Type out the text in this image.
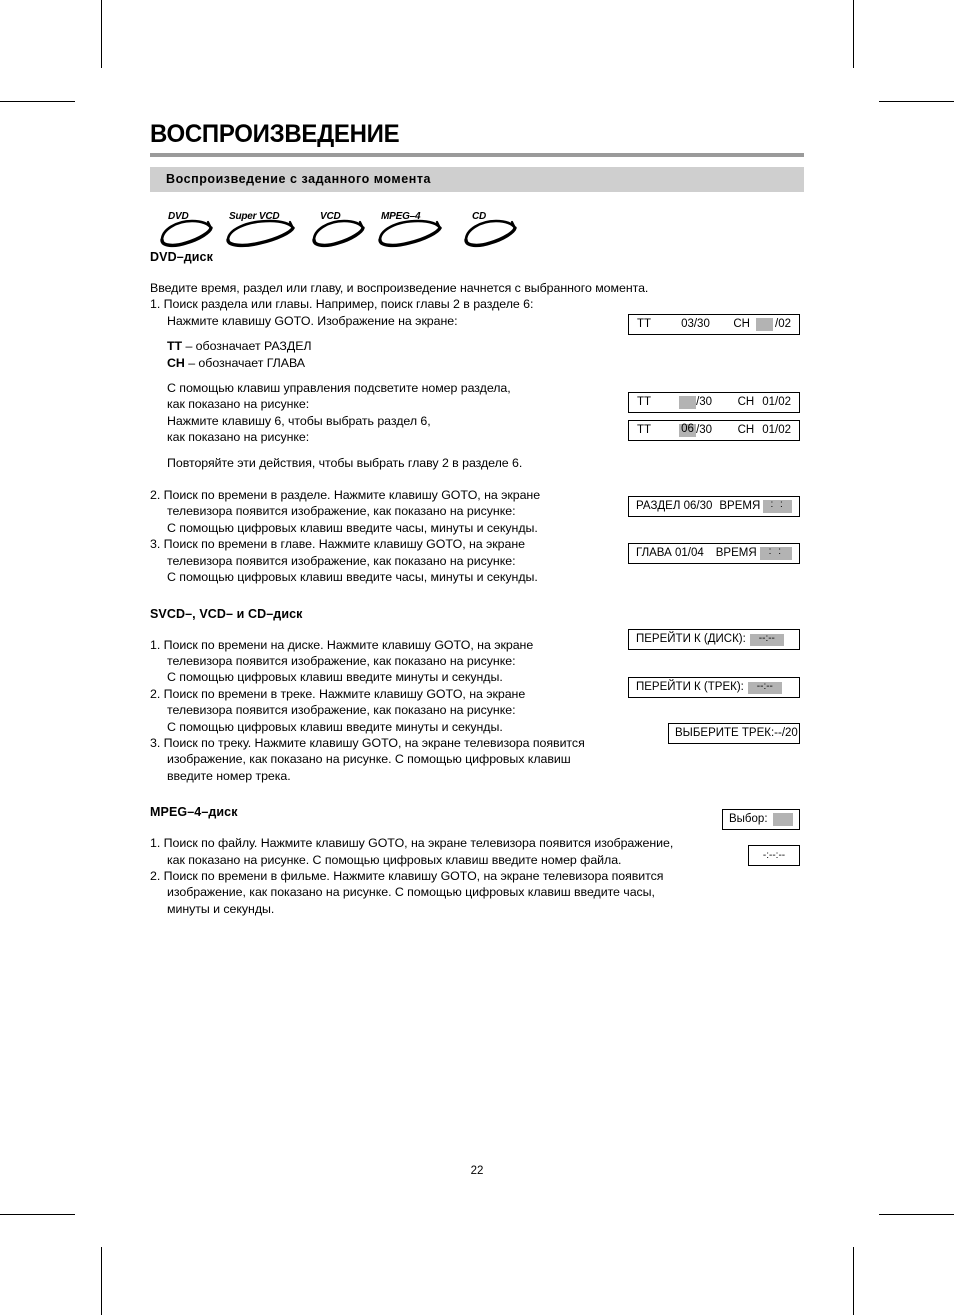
ВОСПРОИЗВЕДЕНИЕ
Воспроизведение с заданного момента
DVD	Super VCD	VCD	MPEG–4	CD
DVD–диск
Введите время, раздел или главу, и воспроизведение начнется с выбранного момента.
1. Поиск раздела или главы. Например, поиск главы 2 в разделе 6:
Нажмите клавишу GOTO. Изображение на экране:
TT – обозначает РАЗДЕЛ
CH – обозначает ГЛАВА
С помощью клавиш управления подсветите номер раздела,
как показано на рисунке:
Нажмите клавишу 6, чтобы выбрать раздел 6,
как показано на рисунке:
Повторяйте эти действия, чтобы выбрать главу 2 в разделе 6.
2. Поиск по времени в разделе. Нажмите клавишу GOTO, на экране
телевизора появится изображение, как показано на рисунке:
С помощью цифровых клавиш введите часы, минуты и секунды.
3. Поиск по времени в главе. Нажмите клавишу GOTO, на экране
телевизора появится изображение, как показано на рисунке:
С помощью цифровых клавиш введите часы, минуты и секунды.
SVCD–, VCD– и CD–диск
1. Поиск по времени на диске. Нажмите клавишу GOTO, на экране
телевизора появится изображение, как показано на рисунке:
С помощью цифровых клавиш введите минуты и секунды.
2. Поиск по времени в треке. Нажмите клавишу GOTO, на экране
телевизора появится изображение, как показано на рисунке:
С помощью цифровых клавиш введите минуты и секунды.
3. Поиск по треку. Нажмите клавишу GOTO, на экране телевизора появится
изображение, как показано на рисунке. С помощью цифровых клавиш
введите номер трека.
MPEG–4–диск
1. Поиск по файлу. Нажмите клавишу GOTO, на экране телевизора появится изображение,
как показано на рисунке. С помощью цифровых клавиш введите номер файла.
2. Поиск по времени в фильме. Нажмите клавишу GOTO, на экране телевизора появится
изображение, как показано на рисунке. С помощью цифровых клавиш введите часы,
минуты и секунды.
TT	03/30 CH /02
TT	/30 CH 01/02
TT	06 /30 CH 01/02
РАЗДЕЛ 06/30 ВРЕМЯ	: :
ГЛАВА 01/04 ВРЕМЯ	: :
ПЕРЕЙТИ К (ДИСК):	--:--
ПЕРЕЙТИ К (ТРЕК):	--:--
ВЫБЕРИТЕ ТРЕК: --/20
Выбор:
-:--:--
22
